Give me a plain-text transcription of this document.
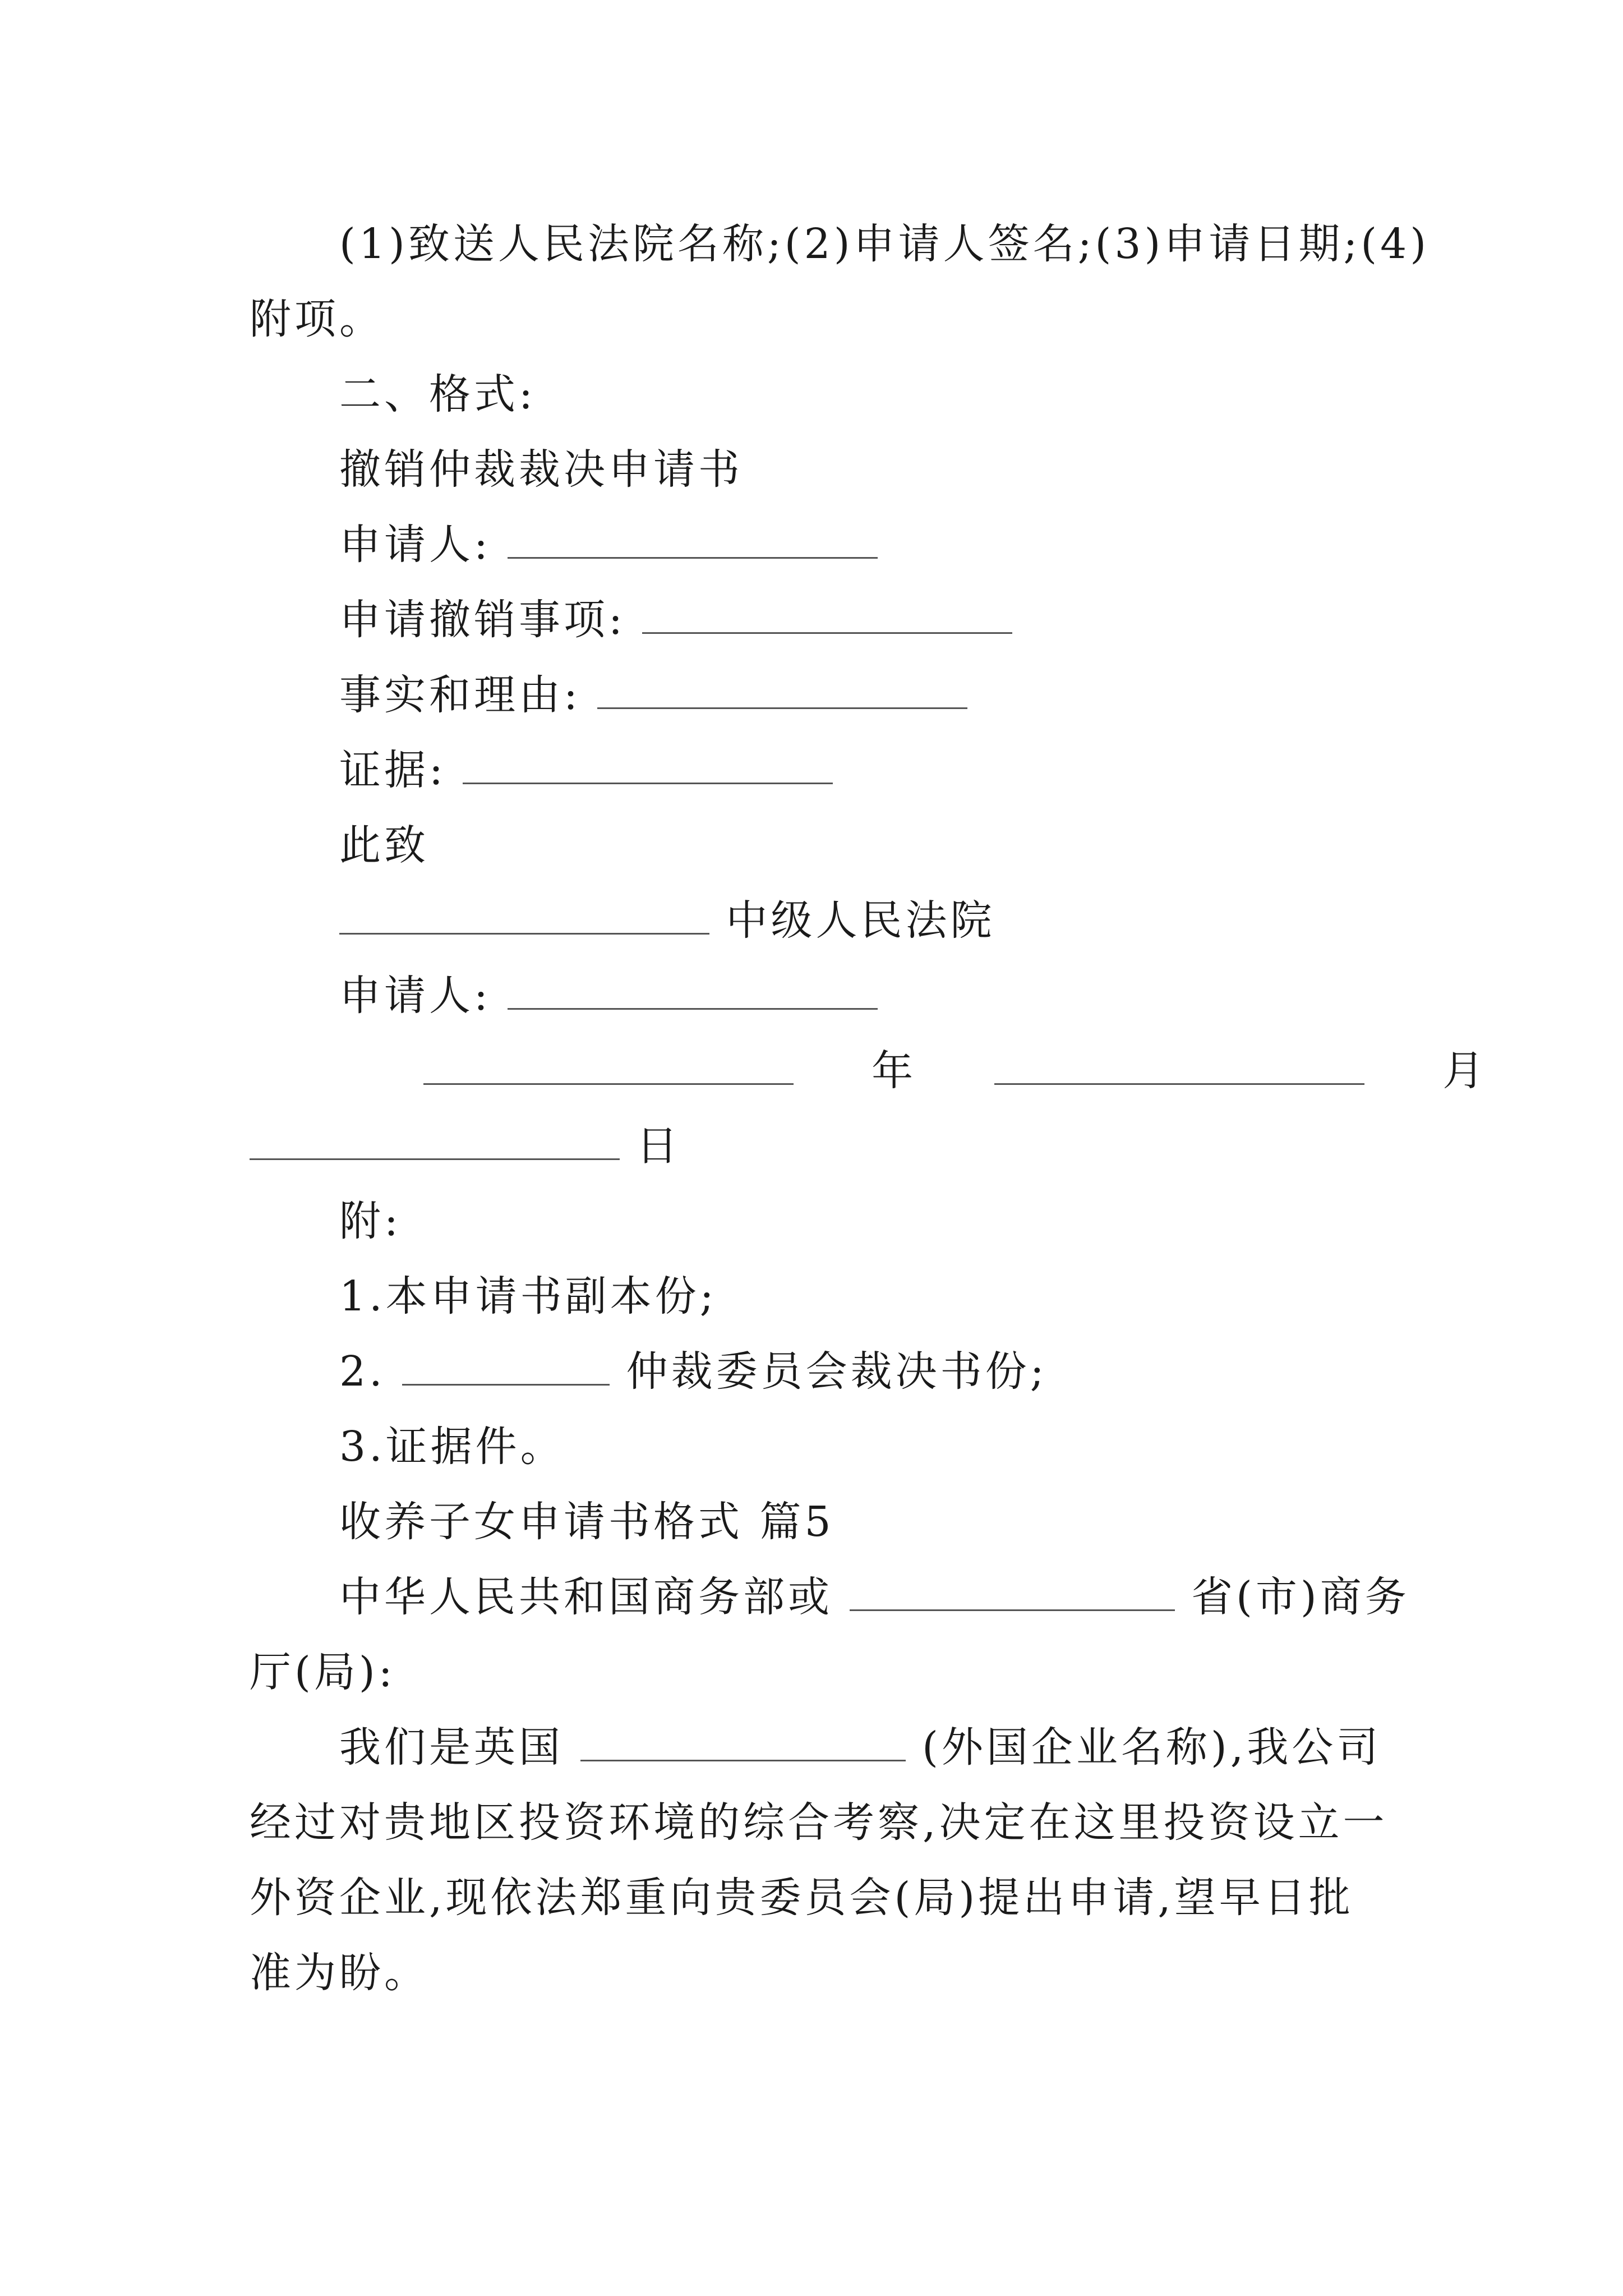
(1)致送人民法院名称;(2)申请人签名;(3)申请日期;(4)
附项。
二、格式:
撤销仲裁裁决申请书
申请人:
申请撤销事项:
事实和理由:
证据:
此致
中级人民法院
申请人:
年	月
日
附:
1.本申请书副本份;
2.	仲裁委员会裁决书份;
3.证据件。
收养子女申请书格式 篇5
中华人民共和国商务部或	省(市)商务
厅(局):
我们是英国	(外国企业名称),我公司
经过对贵地区投资环境的综合考察,决定在这里投资设立一
外资企业,现依法郑重向贵委员会(局)提出申请,望早日批
准为盼。
